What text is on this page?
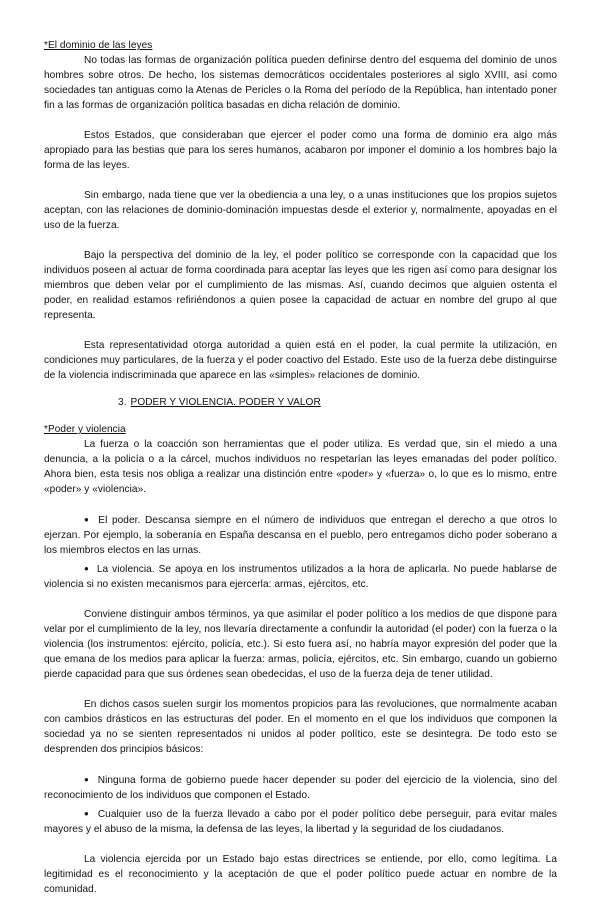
*El dominio de las leyes

No todas las formas de organización política pueden definirse dentro del esquema del dominio de unos hombres sobre otros. De hecho, los sistemas democráticos occidentales posteriores al siglo XVIII, así como sociedades tan antiguas como la Atenas de Pericles o la Roma del período de la República, han intentado poner fin a las formas de organización política basadas en dicha relación de dominio.

Estos Estados, que consideraban que ejercer el poder como una forma de dominio era algo más apropiado para las bestias que para los seres humanos, acabaron por imponer el dominio a los hombres bajo la forma de las leyes.

Sin embargo, nada tiene que ver la obediencia a una ley, o a unas instituciones que los propios sujetos aceptan, con las relaciones de dominio-dominación impuestas desde el exterior y, normalmente, apoyadas en el uso de la fuerza.

Bajo la perspectiva del dominio de la ley, el poder político se corresponde con la capacidad que los individuos poseen al actuar de forma coordinada para aceptar las leyes que les rigen así como para designar los miembros que deben velar por el cumplimiento de las mismas. Así, cuando decimos que alguien ostenta el poder, en realidad estamos refiriéndonos a quien posee la capacidad de actuar en nombre del grupo al que representa.

Esta representatividad otorga autoridad a quien está en el poder, la cual permite la utilización, en condiciones muy particulares, de la fuerza y el poder coactivo del Estado. Este uso de la fuerza debe distinguirse de la violencia indiscriminada que aparece en las «simples» relaciones de dominio.

3. PODER Y VIOLENCIA. PODER Y VALOR
*Poder y violencia

La fuerza o la coacción son herramientas que el poder utiliza. Es verdad que, sin el miedo a una denuncia, a la policía o a la cárcel, muchos individuos no respetarían las leyes emanadas del poder político. Ahora bien, esta tesis nos obliga a realizar una distinción entre «poder» y «fuerza» o, lo que es lo mismo, entre «poder» y «violencia».

● El poder. Descansa siempre en el número de individuos que entregan el derecho a que otros lo ejerzan. Por ejemplo, la soberanía en España descansa en el pueblo, pero entregamos dicho poder soberano a los miembros electos en las urnas.

● La violencia. Se apoya en los instrumentos utilizados a la hora de aplicarla. No puede hablarse de violencia si no existen mecanismos para ejercerla: armas, ejércitos, etc.

Conviene distinguir ambos términos, ya que asimilar el poder político a los medios de que dispone para velar por el cumplimiento de la ley, nos llevaría directamente a confundir la autoridad (el poder) con la fuerza o la violencia (los instrumentos: ejército, policía, etc.). Si esto fuera así, no habría mayor expresión del poder que la que emana de los medios para aplicar la fuerza: armas, policía, ejércitos, etc. Sin embargo, cuando un gobierno pierde capacidad para que sus órdenes sean obedecidas, el uso de la fuerza deja de tener utilidad.

En dichos casos suelen surgir los momentos propicios para las revoluciones, que normalmente acaban con cambios drásticos en las estructuras del poder. En el momento en el que los individuos que componen la sociedad ya no se sienten representados ni unidos al poder político, este se desintegra. De todo esto se desprenden dos principios básicos:

● Ninguna forma de gobierno puede hacer depender su poder del ejercicio de la violencia, sino del reconocimiento de los individuos que componen el Estado.

● Cualquier uso de la fuerza llevado a cabo por el poder político debe perseguir, para evitar males mayores y el abuso de la misma, la defensa de las leyes, la libertad y la seguridad de los ciudadanos.

La violencia ejercida por un Estado bajo estas directrices se entiende, por ello, como legítima. La legitimidad es el reconocimiento y la aceptación de que el poder político puede actuar en nombre de la comunidad.
